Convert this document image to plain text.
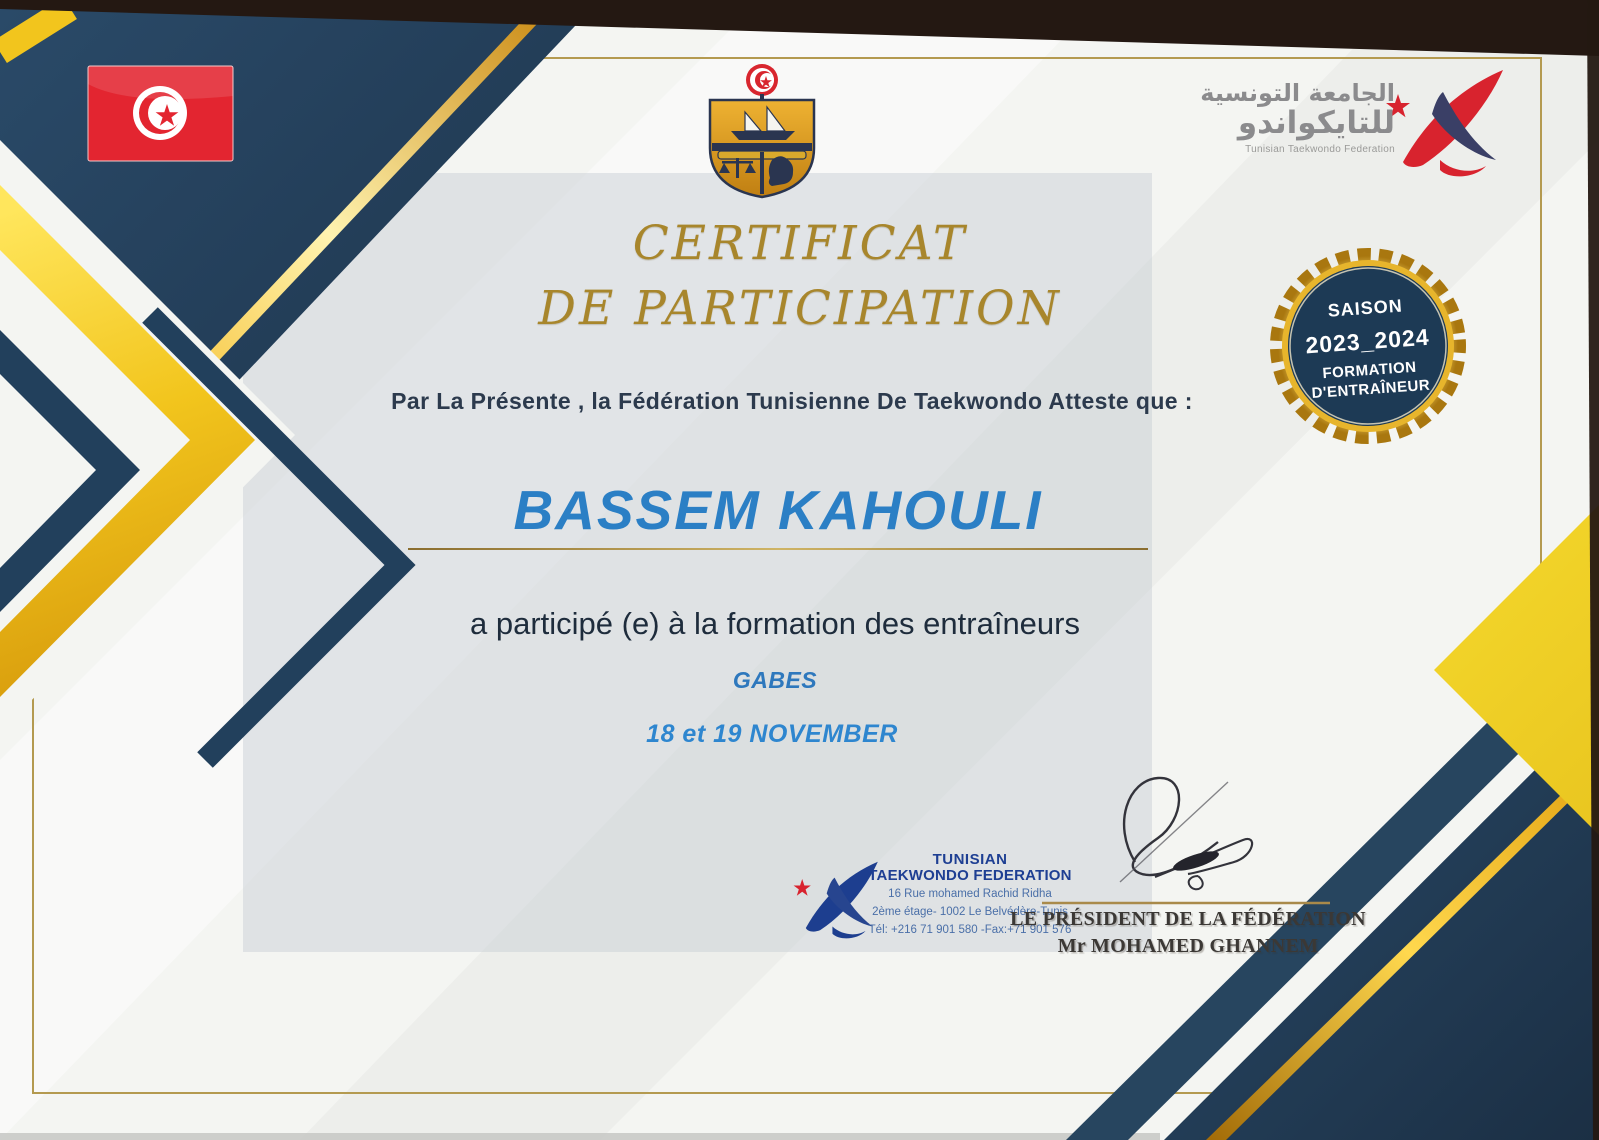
CERTIFICAT
DE PARTICIPATION
Par La Présente , la Fédération Tunisienne De Taekwondo Atteste que :
BASSEM KAHOULI
a participé (e) à la formation des entraîneurs
GABES
18 et 19 NOVEMBER
SAISON
2023_2024
FORMATION
D'ENTRAÎNEUR
الجامعة التونسية
للتايكواندو
Tunisian Taekwondo Federation
TUNISIAN
TAEKWONDO FEDERATION
16 Rue mohamed Rachid Ridha
2ème étage- 1002 Le Belvédère-Tunis
Tél: +216 71 901 580 -Fax:+71 901 576
LE PRÉSIDENT DE LA FÉDÉRATION
Mr MOHAMED GHANNEM
